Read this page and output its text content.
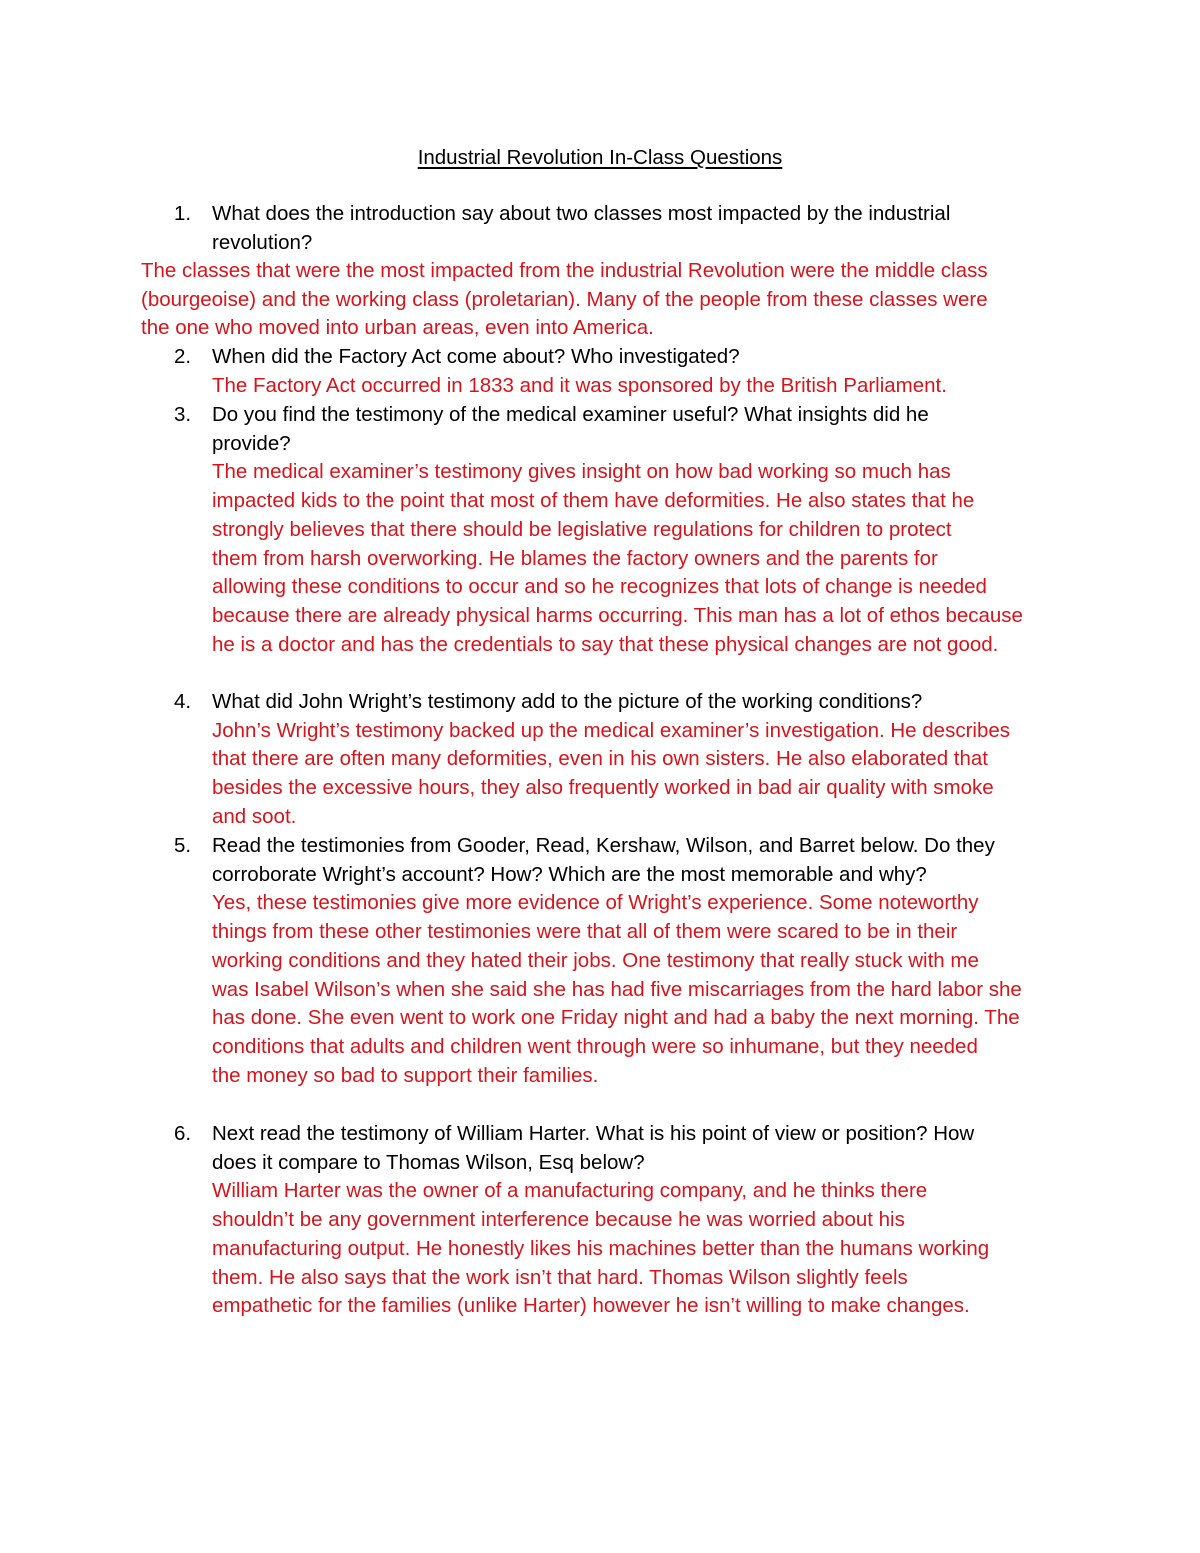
Industrial Revolution In-Class Questions
1.	What does the introduction say about two classes most impacted by the industrial
revolution?
The classes that were the most impacted from the industrial Revolution were the middle class
(bourgeoise) and the working class (proletarian). Many of the people from these classes were
the one who moved into urban areas, even into America.
2.	When did the Factory Act come about? Who investigated?
The Factory Act occurred in 1833 and it was sponsored by the British Parliament.
3.	Do you find the testimony of the medical examiner useful? What insights did he
provide?
The medical examiner’s testimony gives insight on how bad working so much has
impacted kids to the point that most of them have deformities. He also states that he
strongly believes that there should be legislative regulations for children to protect
them from harsh overworking. He blames the factory owners and the parents for
allowing these conditions to occur and so he recognizes that lots of change is needed
because there are already physical harms occurring. This man has a lot of ethos because
he is a doctor and has the credentials to say that these physical changes are not good.
4.	What did John Wright’s testimony add to the picture of the working conditions?
John’s Wright’s testimony backed up the medical examiner’s investigation. He describes
that there are often many deformities, even in his own sisters. He also elaborated that
besides the excessive hours, they also frequently worked in bad air quality with smoke
and soot.
5.	Read the testimonies from Gooder, Read, Kershaw, Wilson, and Barret below. Do they
corroborate Wright’s account? How? Which are the most memorable and why?
Yes, these testimonies give more evidence of Wright’s experience. Some noteworthy
things from these other testimonies were that all of them were scared to be in their
working conditions and they hated their jobs. One testimony that really stuck with me
was Isabel Wilson’s when she said she has had five miscarriages from the hard labor she
has done. She even went to work one Friday night and had a baby the next morning. The
conditions that adults and children went through were so inhumane, but they needed
the money so bad to support their families.
6.	Next read the testimony of William Harter. What is his point of view or position? How
does it compare to Thomas Wilson, Esq below?
William Harter was the owner of a manufacturing company, and he thinks there
shouldn’t be any government interference because he was worried about his
manufacturing output. He honestly likes his machines better than the humans working
them. He also says that the work isn’t that hard. Thomas Wilson slightly feels
empathetic for the families (unlike Harter) however he isn’t willing to make changes.
